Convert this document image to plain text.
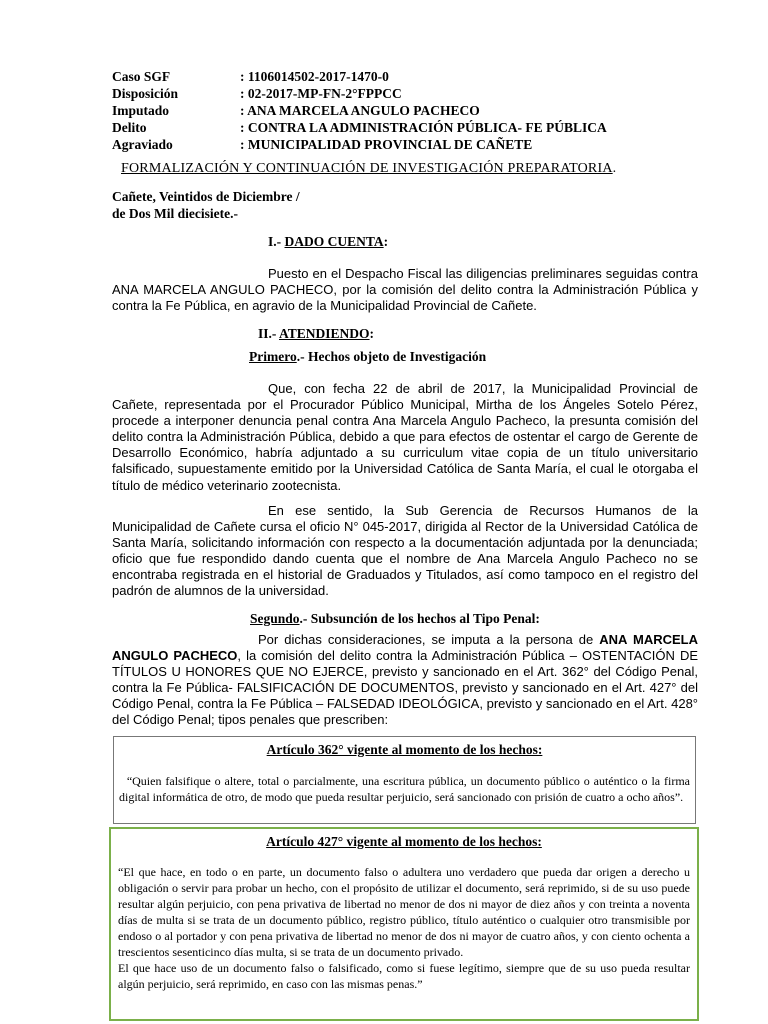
Caso SGF	: 1106014502-2017-1470-0
Disposición	: 02-2017-MP-FN-2°FPPCC
Imputado	: ANA MARCELA ANGULO PACHECO
Delito	: CONTRA LA ADMINISTRACIÓN PÚBLICA- FE PÚBLICA
Agraviado	: MUNICIPALIDAD PROVINCIAL DE CAÑETE
FORMALIZACIÓN Y CONTINUACIÓN DE INVESTIGACIÓN PREPARATORIA.
Cañete, Veintidos de Diciembre /
de Dos Mil diecisiete.-
I.- DADO CUENTA:
Puesto en el Despacho Fiscal las diligencias preliminares seguidas contra ANA MARCELA ANGULO PACHECO, por la comisión del delito contra la Administración Pública y contra la Fe Pública, en agravio de la Municipalidad Provincial de Cañete.
II.- ATENDIENDO:
Primero.- Hechos objeto de Investigación
Que, con fecha 22 de abril de 2017, la Municipalidad Provincial de Cañete, representada por el Procurador Público Municipal, Mirtha de los Ángeles Sotelo Pérez, procede a interponer denuncia penal contra Ana Marcela Angulo Pacheco, la presunta comisión del delito contra la Administración Pública, debido a que para efectos de ostentar el cargo de Gerente de Desarrollo Económico, habría adjuntado a su curriculum vitae copia de un título universitario falsificado, supuestamente emitido por la Universidad Católica de Santa María, el cual le otorgaba el título de médico veterinario zootecnista.
En ese sentido, la Sub Gerencia de Recursos Humanos de la Municipalidad de Cañete cursa el oficio N° 045-2017, dirigida al Rector de la Universidad Católica de Santa María, solicitando información con respecto a la documentación adjuntada por la denunciada; oficio que fue respondido dando cuenta que el nombre de Ana Marcela Angulo Pacheco no se encontraba registrada en el historial de Graduados y Titulados, así como tampoco en el registro del padrón de alumnos de la universidad.
Segundo.- Subsunción de los hechos al Tipo Penal:
Por dichas consideraciones, se imputa a la persona de ANA MARCELA ANGULO PACHECO, la comisión del delito contra la Administración Pública – OSTENTACIÓN DE TÍTULOS U HONORES QUE NO EJERCE, previsto y sancionado en el Art. 362° del Código Penal, contra la Fe Pública- FALSIFICACIÓN DE DOCUMENTOS, previsto y sancionado en el Art. 427° del Código Penal, contra la Fe Pública – FALSEDAD IDEOLÓGICA, previsto y sancionado en el Art. 428° del Código Penal; tipos penales que prescriben:
Artículo 362° vigente al momento de los hechos:
“Quien falsifique o altere, total o parcialmente, una escritura pública, un documento público o auténtico o la firma digital informática de otro, de modo que pueda resultar perjuicio, será sancionado con prisión de cuatro a ocho años”.
Artículo 427° vigente al momento de los hechos:
“El que hace, en todo o en parte, un documento falso o adultera uno verdadero que pueda dar origen a derecho u obligación o servir para probar un hecho, con el propósito de utilizar el documento, será reprimido, si de su uso puede resultar algún perjuicio, con pena privativa de libertad no menor de dos ni mayor de diez años y con treinta a noventa días de multa si se trata de un documento público, registro público, título auténtico o cualquier otro transmisible por endoso o al portador y con pena privativa de libertad no menor de dos ni mayor de cuatro años, y con ciento ochenta a trescientos sesenticinco días multa, si se trata de un documento privado.
El que hace uso de un documento falso o falsificado, como si fuese legítimo, siempre que de su uso pueda resultar algún perjuicio, será reprimido, en caso con las mismas penas.”
